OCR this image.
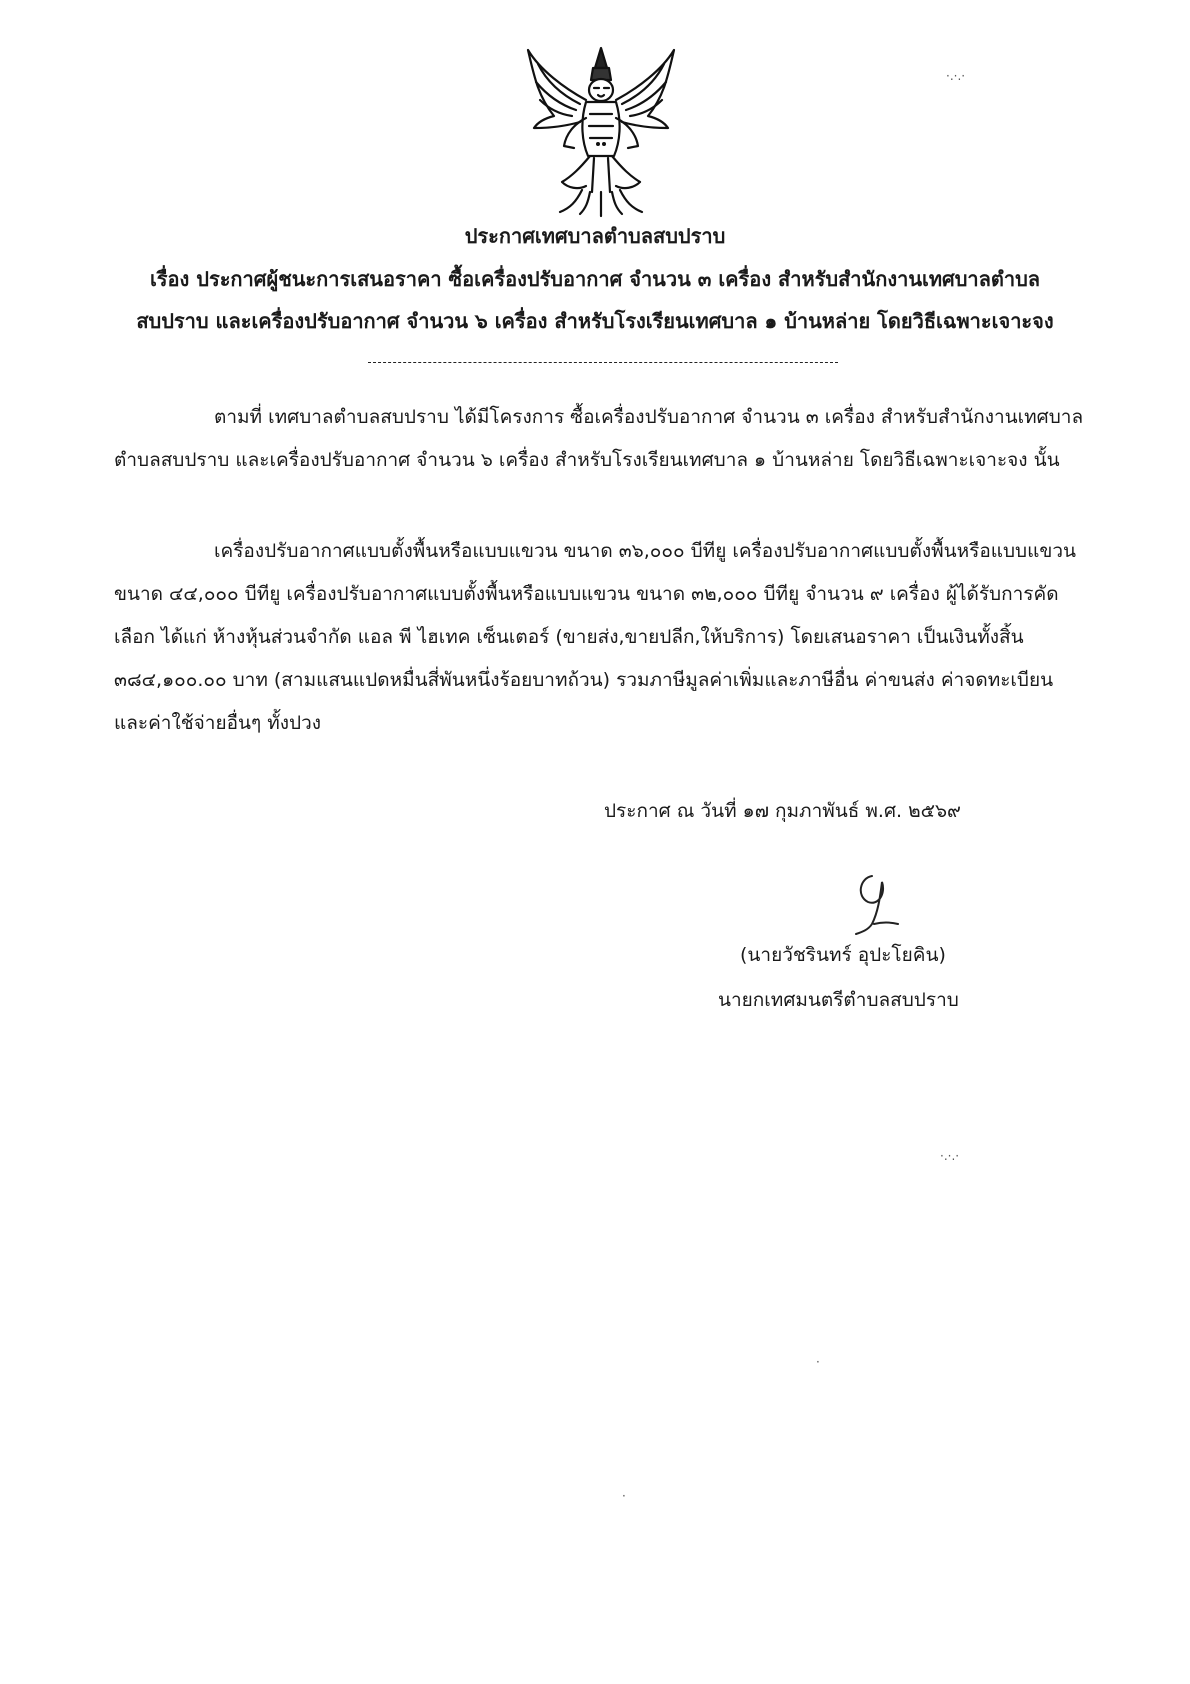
ประกาศเทศบาลตำบลสบปราบ
เรื่อง ประกาศผู้ชนะการเสนอราคา ซื้อเครื่องปรับอากาศ จำนวน ๓ เครื่อง สำหรับสำนักงานเทศบาลตำบล
สบปราบ และเครื่องปรับอากาศ จำนวน ๖ เครื่อง สำหรับโรงเรียนเทศบาล ๑ บ้านหล่าย โดยวิธีเฉพาะเจาะจง

ตามที่ เทศบาลตำบลสบปราบ ได้มีโครงการ ซื้อเครื่องปรับอากาศ จำนวน ๓ เครื่อง สำหรับสำนักงานเทศบาลตำบลสบปราบ และเครื่องปรับอากาศ จำนวน ๖ เครื่อง สำหรับโรงเรียนเทศบาล ๑ บ้านหล่าย โดยวิธีเฉพาะเจาะจง นั้น

เครื่องปรับอากาศแบบตั้งพื้นหรือแบบแขวน ขนาด ๓๖,๐๐๐ บีทียู เครื่องปรับอากาศแบบตั้งพื้นหรือแบบแขวน ขนาด ๔๔,๐๐๐ บีทียู เครื่องปรับอากาศแบบตั้งพื้นหรือแบบแขวน ขนาด ๓๒,๐๐๐ บีทียู จำนวน ๙ เครื่อง ผู้ได้รับการคัดเลือก ได้แก่ ห้างหุ้นส่วนจำกัด แอล พี ไฮเทค เซ็นเตอร์ (ขายส่ง,ขายปลีก,ให้บริการ) โดยเสนอราคา เป็นเงินทั้งสิ้น ๓๘๔,๑๐๐.๐๐ บาท (สามแสนแปดหมื่นสี่พันหนึ่งร้อยบาทถ้วน) รวมภาษีมูลค่าเพิ่มและภาษีอื่น ค่าขนส่ง ค่าจดทะเบียน และค่าใช้จ่ายอื่นๆ ทั้งปวง

ประกาศ ณ วันที่ ๑๗ กุมภาพันธ์ พ.ศ. ๒๕๖๙
(นายวัชรินทร์ อุปะโยคิน)
นายกเทศมนตรีตำบลสบปราบ
·.·.·
·.·.·
·
·
